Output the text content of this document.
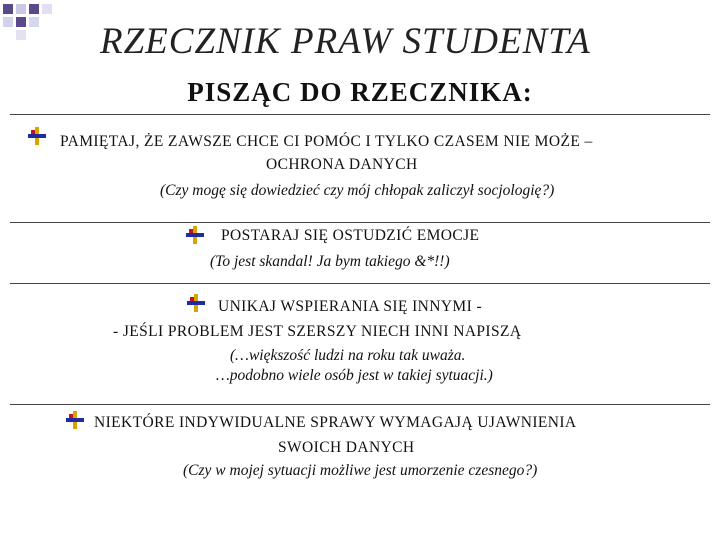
RZECZNIK PRAW STUDENTA
PISZĄC DO RZECZNIKA:
PAMIĘTAJ, ŻE ZAWSZE CHCE CI POMÓC I TYLKO CZASEM NIE MOŻE –
OCHRONA DANYCH
(Czy mogę się dowiedzieć czy mój chłopak zaliczył socjologię?)
POSTARAJ SIĘ OSTUDZIĆ EMOCJE
(To jest skandal! Ja bym takiego &*!!)
UNIKAJ WSPIERANIA SIĘ INNYMI -
- JEŚLI PROBLEM JEST SZERSZY NIECH INNI NAPISZĄ
(…większość ludzi na roku tak uważa.
…podobno wiele osób jest w takiej sytuacji.)
NIEKTÓRE INDYWIDUALNE SPRAWY WYMAGAJĄ UJAWNIENIA
SWOICH DANYCH
(Czy w mojej sytuacji możliwe jest umorzenie czesnego?)
